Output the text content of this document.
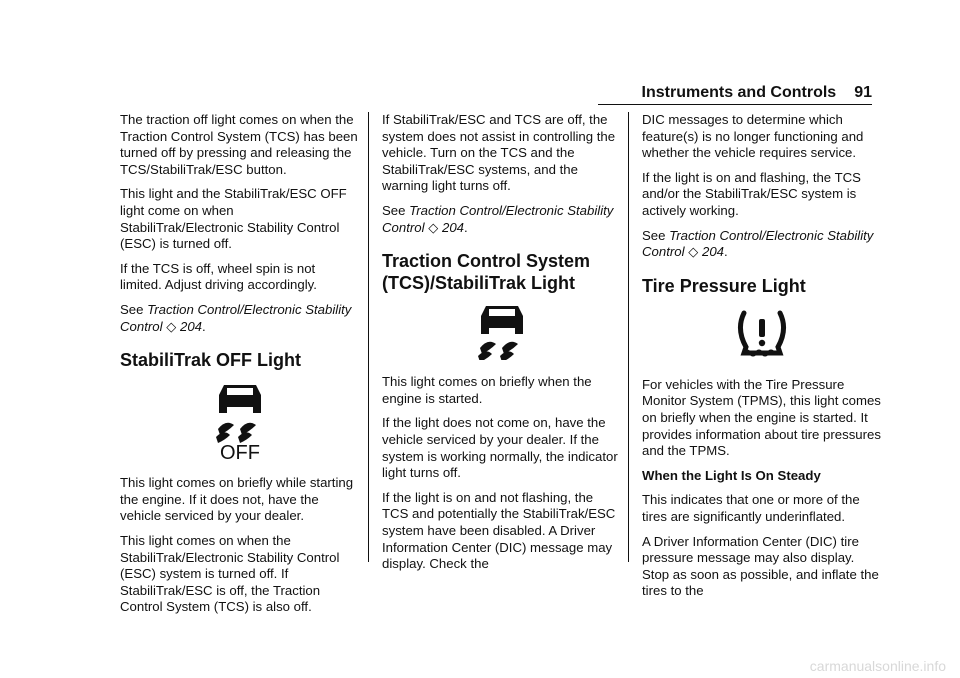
Instruments and Controls 91

The traction off light comes on when the Traction Control System (TCS) has been turned off by pressing and releasing the TCS/StabiliTrak/ESC button.

This light and the StabiliTrak/ESC OFF light come on when StabiliTrak/Electronic Stability Control (ESC) is turned off.

If the TCS is off, wheel spin is not limited. Adjust driving accordingly.

See Traction Control/Electronic Stability Control ◇ 204.

StabiliTrak OFF Light
OFF

This light comes on briefly while starting the engine. If it does not, have the vehicle serviced by your dealer.

This light comes on when the StabiliTrak/Electronic Stability Control (ESC) system is turned off. If StabiliTrak/ESC is off, the Traction Control System (TCS) is also off.

If StabiliTrak/ESC and TCS are off, the system does not assist in controlling the vehicle. Turn on the TCS and the StabiliTrak/ESC systems, and the warning light turns off.

See Traction Control/Electronic Stability Control ◇ 204.

Traction Control System (TCS)/StabiliTrak Light

This light comes on briefly when the engine is started.

If the light does not come on, have the vehicle serviced by your dealer. If the system is working normally, the indicator light turns off.

If the light is on and not flashing, the TCS and potentially the StabiliTrak/ESC system have been disabled. A Driver Information Center (DIC) message may display. Check the

DIC messages to determine which feature(s) is no longer functioning and whether the vehicle requires service.

If the light is on and flashing, the TCS and/or the StabiliTrak/ESC system is actively working.

See Traction Control/Electronic Stability Control ◇ 204.

Tire Pressure Light

For vehicles with the Tire Pressure Monitor System (TPMS), this light comes on briefly when the engine is started. It provides information about tire pressures and the TPMS.

When the Light Is On Steady

This indicates that one or more of the tires are significantly underinflated.

A Driver Information Center (DIC) tire pressure message may also display. Stop as soon as possible, and inflate the tires to the

carmanualsonline.info
